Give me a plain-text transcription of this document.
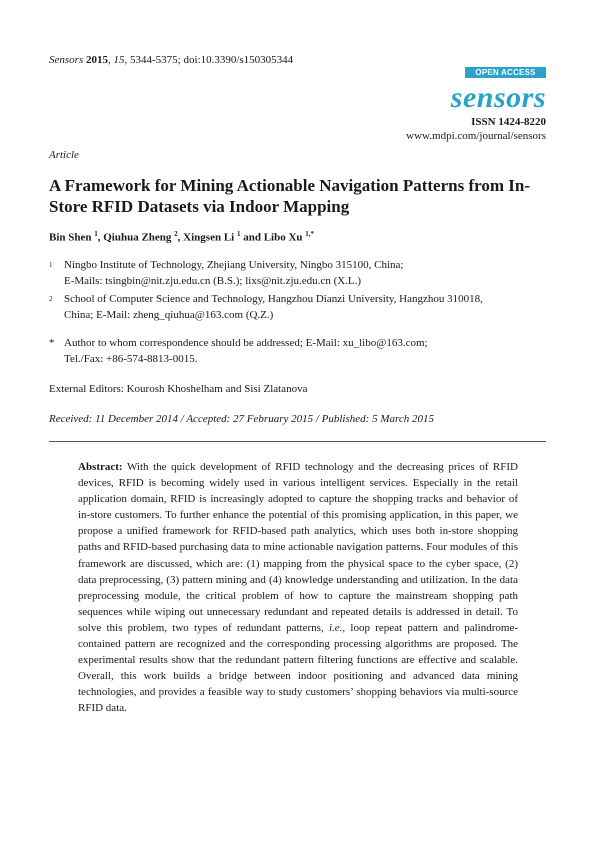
Sensors 2015, 15, 5344-5375; doi:10.3390/s150305344
OPEN ACCESS
sensors
ISSN 1424-8220
www.mdpi.com/journal/sensors
Article
A Framework for Mining Actionable Navigation Patterns from In-Store RFID Datasets via Indoor Mapping
Bin Shen $^1$, Qiuhua Zheng $^2$, Xingsen Li $^1$ and Libo Xu $^{1,*}$
1 Ningbo Institute of Technology, Zhejiang University, Ningbo 315100, China;
E-Mails: tsingbin@nit.zju.edu.cn (B.S.); lixs@nit.zju.edu.cn (X.L.)
2 School of Computer Science and Technology, Hangzhou Dianzi University, Hangzhou 310018,
China; E-Mail: zheng_qiuhua@163.com (Q.Z.)
* Author to whom correspondence should be addressed; E-Mail: xu_libo@163.com;
Tel./Fax: +86-574-8813-0015.
External Editors: Kourosh Khoshelham and Sisi Zlatanova
Received: 11 December 2014 / Accepted: 27 February 2015 / Published: 5 March 2015
Abstract: With the quick development of RFID technology and the decreasing prices of RFID devices, RFID is becoming widely used in various intelligent services. Especially in the retail application domain, RFID is increasingly adopted to capture the shopping tracks and behavior of in-store customers. To further enhance the potential of this promising application, in this paper, we propose a unified framework for RFID-based path analytics, which uses both in-store shopping paths and RFID-based purchasing data to mine actionable navigation patterns. Four modules of this framework are discussed, which are: (1) mapping from the physical space to the cyber space, (2) data preprocessing, (3) pattern mining and (4) knowledge understanding and utilization. In the data preprocessing module, the critical problem of how to capture the mainstream shopping path sequences while wiping out unnecessary redundant and repeated details is addressed in detail. To solve this problem, two types of redundant patterns, i.e., loop repeat pattern and palindrome-contained pattern are recognized and the corresponding processing algorithms are proposed. The experimental results show that the redundant pattern filtering functions are effective and scalable. Overall, this work builds a bridge between indoor positioning and advanced data mining technologies, and provides a feasible way to study customers’ shopping behaviors via multi-source RFID data.
